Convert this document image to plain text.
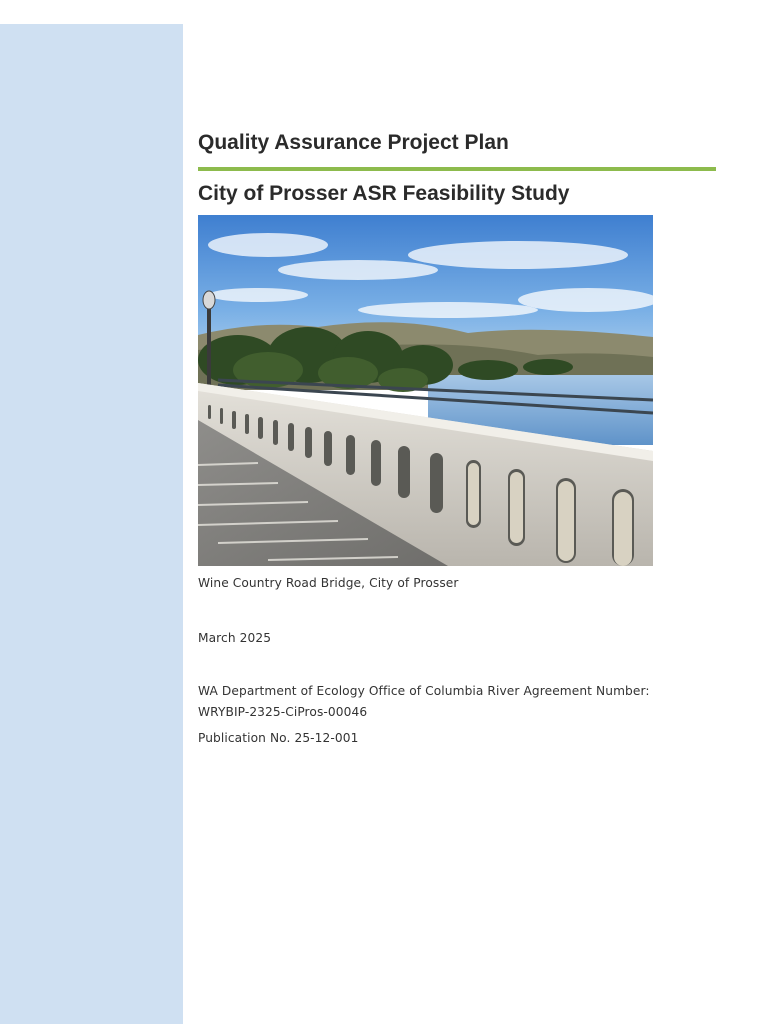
Quality Assurance Project Plan
City of Prosser ASR Feasibility Study
Wine Country Road Bridge, City of Prosser
March 2025
WA Department of Ecology Office of Columbia River Agreement Number:
WRYBIP-2325-CiPros-00046
Publication No. 25-12-001
